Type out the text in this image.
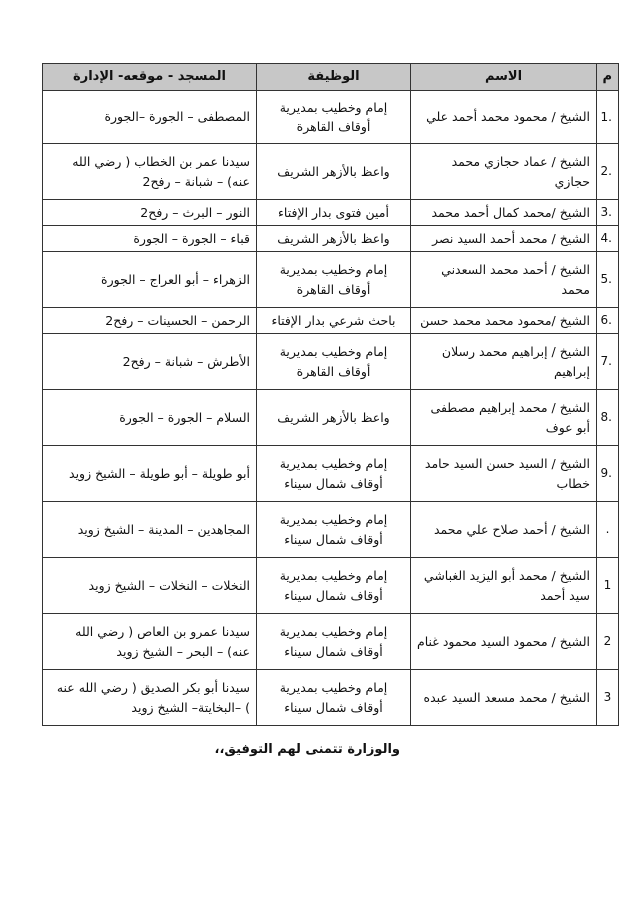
م	الاسم	الوظيفة	المسجد - موقعه- الإدارة
.1	الشيخ / محمود محمد أحمد علي	إمام وخطيب بمديرية أوقاف القاهرة	المصطفى – الجورة –الجورة
.2	الشيخ / عماد حجازي محمد حجازي	واعظ بالأزهر الشريف	سيدنا عمر بن الخطاب ( رضي الله عنه) – شبانة – رفح2
.3	الشيخ /محمد كمال أحمد محمد	أمين فتوى بدار الإفتاء	النور – البرث – رفح2
.4	الشيخ / محمد أحمد السيد نصر	واعظ بالأزهر الشريف	قباء – الجورة – الجورة
.5	الشيخ / أحمد محمد السعدني محمد	إمام وخطيب بمديرية أوقاف القاهرة	الزهراء – أبو العراج – الجورة
.6	الشيخ /محمود محمد محمد حسن	باحث شرعي بدار الإفتاء	الرحمن – الحسينات – رفح2
.7	الشيخ / إبراهيم محمد رسلان إبراهيم	إمام وخطيب بمديرية أوقاف القاهرة	الأطرش – شبانة – رفح2
.8	الشيخ / محمد إبراهيم مصطفى أبو عوف	واعظ بالأزهر الشريف	السلام – الجورة – الجورة
.9	الشيخ / السيد حسن السيد حامد خطاب	إمام وخطيب بمديرية أوقاف شمال سيناء	أبو طويلة – أبو طويلة – الشيخ زويد
.	الشيخ / أحمد صلاح علي محمد	إمام وخطيب بمديرية أوقاف شمال سيناء	المجاهدين – المدينة – الشيخ زويد
1	الشيخ / محمد أبو اليزيد الغباشي سيد أحمد	إمام وخطيب بمديرية أوقاف شمال سيناء	النخلات – النخلات – الشيخ زويد
2	الشيخ / محمود السيد محمود غنام	إمام وخطيب بمديرية أوقاف شمال سيناء	سيدنا عمرو بن العاص ( رضي الله عنه) – البحر – الشيخ زويد
3	الشيخ / محمد مسعد السيد عبده	إمام وخطيب بمديرية أوقاف شمال سيناء	سيدنا أبو بكر الصديق ( رضي الله عنه ) –البخايتة– الشيخ زويد
والوزارة تتمنى لهم التوفيق،،
